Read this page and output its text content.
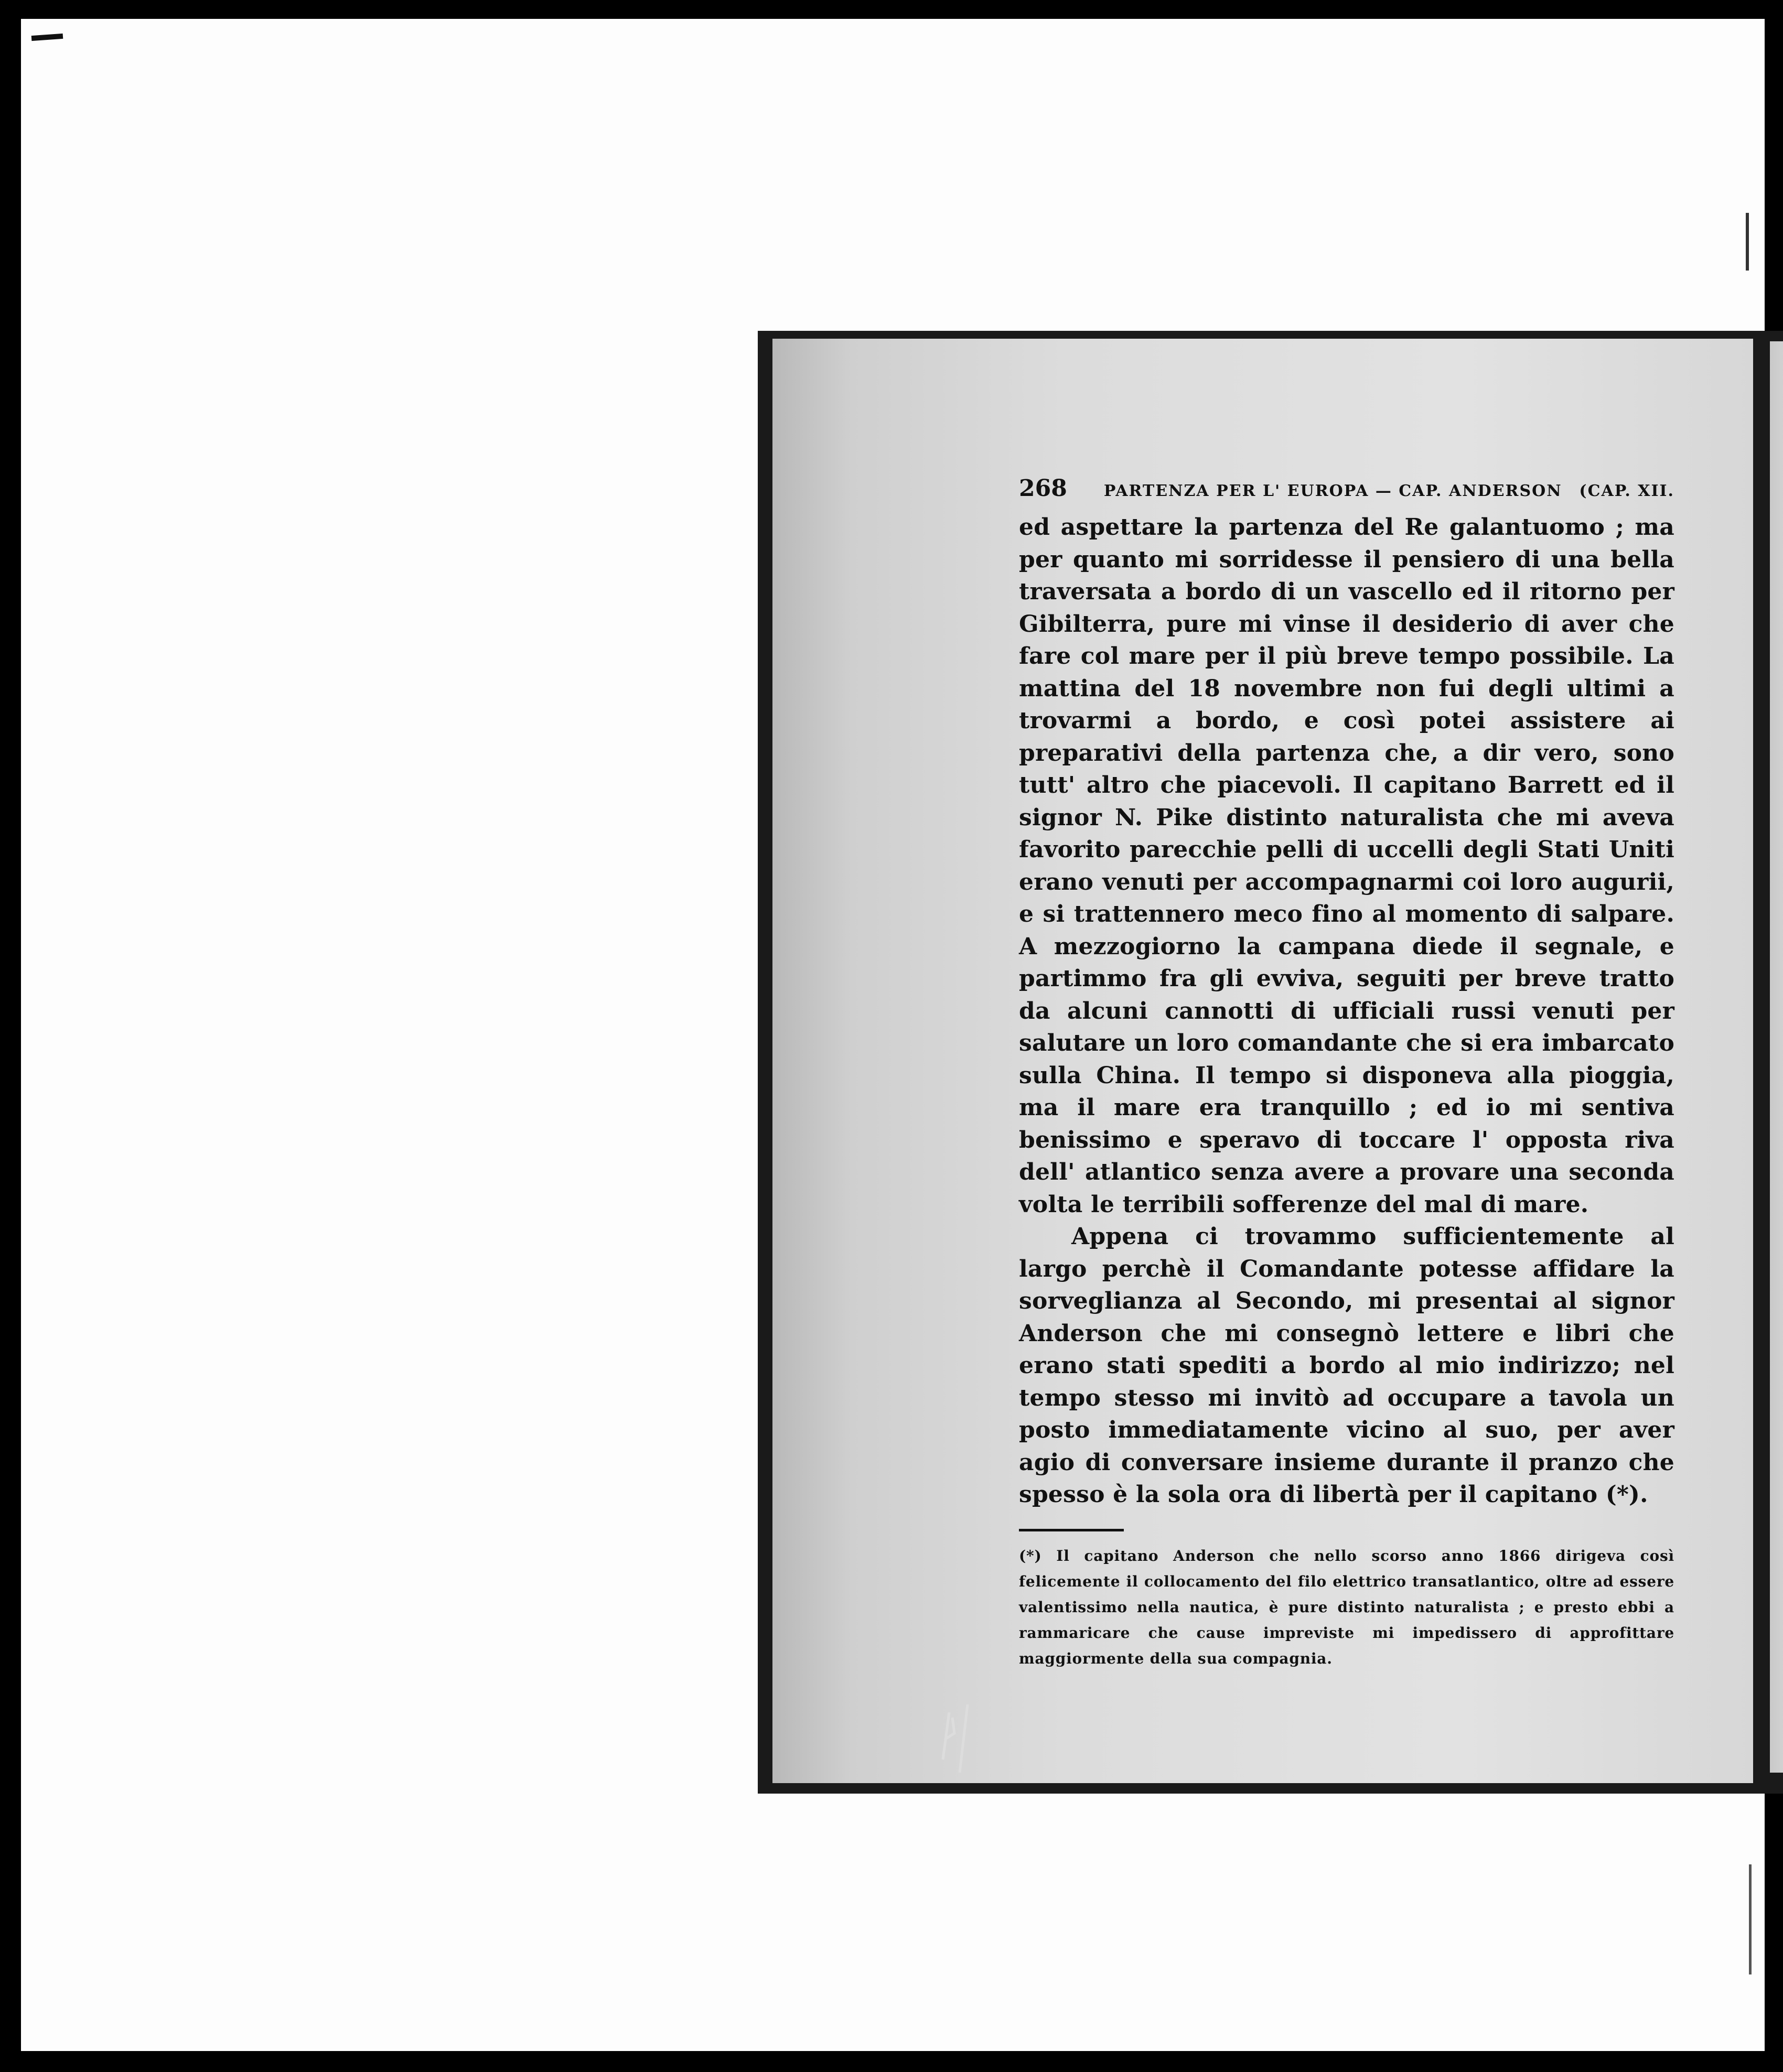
268 PARTENZA PER L' EUROPA — CAP. ANDERSON	(CAP. XII.

ed aspettare la partenza del Re galantuomo ; ma per quanto mi sorridesse il pensiero di una bella traversata a bordo di un vascello ed il ritorno per Gibilterra, pure mi vinse il desiderio di aver che fare col mare per il più breve tempo possibile. La mattina del 18 novembre non fui degli ultimi a trovarmi a bordo, e così potei assistere ai preparativi della partenza che, a dir vero, sono tutt' altro che piacevoli. Il capitano Barrett ed il signor N. Pike distinto naturalista che mi aveva favorito parecchie pelli di uccelli degli Stati Uniti erano venuti per accompagnarmi coi loro augurii, e si trattennero meco fino al momento di salpare. A mezzogiorno la campana diede il segnale, e partimmo fra gli evviva, seguiti per breve tratto da alcuni cannotti di ufficiali russi venuti per salutare un loro comandante che si era imbarcato sulla China. Il tempo si disponeva alla pioggia, ma il mare era tranquillo ; ed io mi sentiva benissimo e speravo di toccare l' opposta riva dell' atlantico senza avere a provare una seconda volta le terribili sofferenze del mal di mare.

Appena ci trovammo sufficientemente al largo perchè il Comandante potesse affidare la sorveglianza al Secondo, mi presentai al signor Anderson che mi consegnò lettere e libri che erano stati spediti a bordo al mio indirizzo; nel tempo stesso mi invitò ad occupare a tavola un posto immediatamente vicino al suo, per aver agio di conversare insieme durante il pranzo che spesso è la sola ora di libertà per il capitano (*).

(*) Il capitano Anderson che nello scorso anno 1866 dirigeva così felicemente il collocamento del filo elettrico transatlantico, oltre ad essere valentissimo nella nautica, è pure distinto naturalista ; e presto ebbi a rammaricare che cause impreviste mi impedissero di approfittare maggiormente della sua compagnia.
